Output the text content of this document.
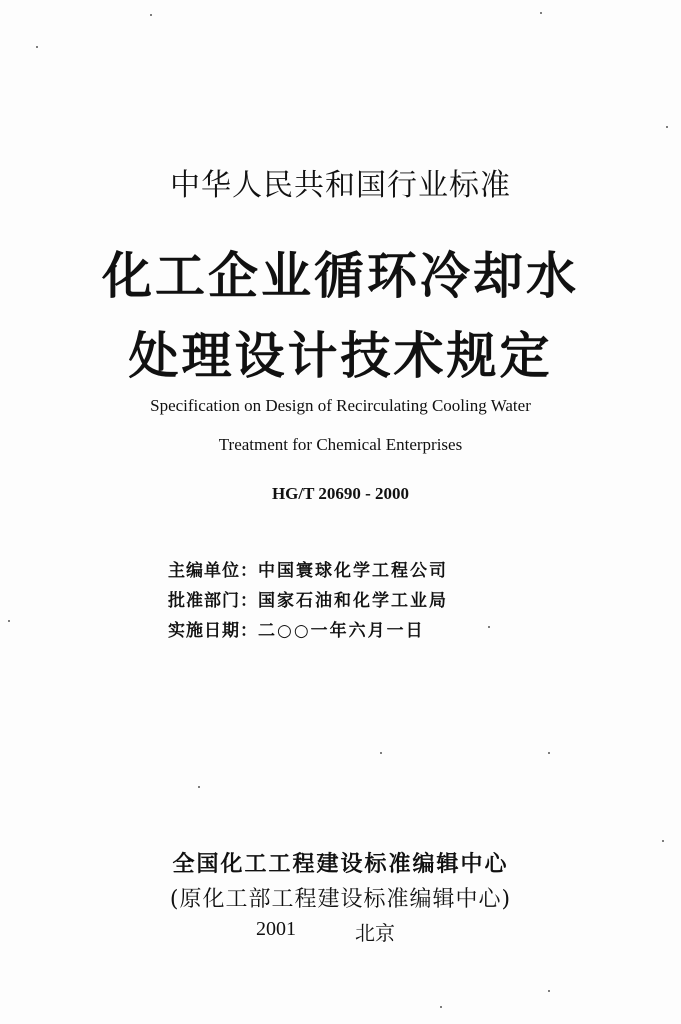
中华人民共和国行业标准
化工企业循环冷却水
处理设计技术规定
Specification on Design of Recirculating Cooling Water
Treatment for Chemical Enterprises
HG/T 20690 - 2000
主编单位：中国寰球化学工程公司
批准部门：国家石油和化学工业局
实施日期：二○○一年六月一日
全国化工工程建设标准编辑中心
(原化工部工程建设标准编辑中心)
2001	北京
